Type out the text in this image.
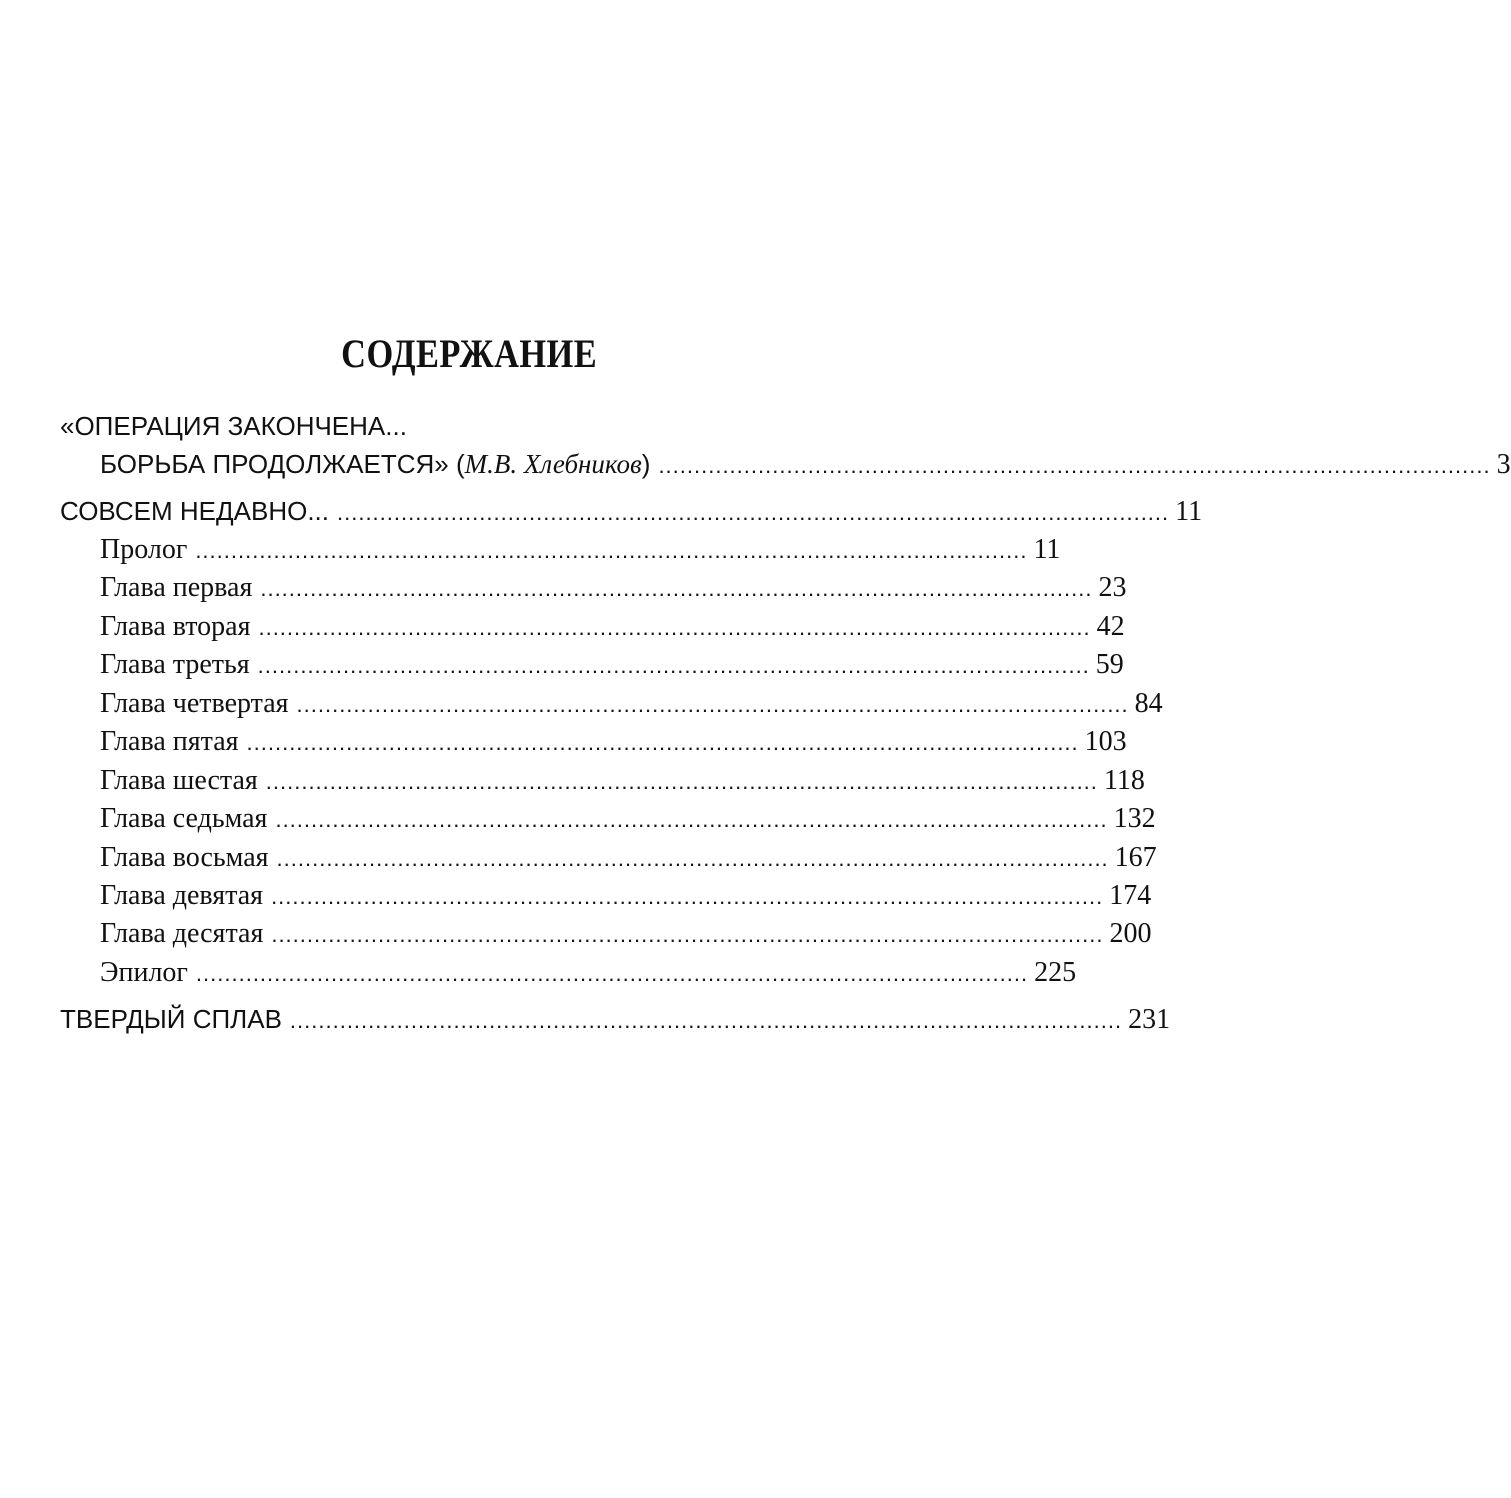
СОДЕРЖАНИЕ
«ОПЕРАЦИЯ ЗАКОНЧЕНА...
БОРЬБА ПРОДОЛЖАЕТСЯ» (М.В. Хлебников) ..................................................................................................................... 3
СОВСЕМ НЕДАВНО... ..................................................................................................................... 11
Пролог ..................................................................................................................... 11
Глава первая ..................................................................................................................... 23
Глава вторая ..................................................................................................................... 42
Глава третья ..................................................................................................................... 59
Глава четвертая ..................................................................................................................... 84
Глава пятая ..................................................................................................................... 103
Глава шестая ..................................................................................................................... 118
Глава седьмая ..................................................................................................................... 132
Глава восьмая ..................................................................................................................... 167
Глава девятая ..................................................................................................................... 174
Глава десятая ..................................................................................................................... 200
Эпилог ..................................................................................................................... 225
ТВЕРДЫЙ СПЛАВ ..................................................................................................................... 231
